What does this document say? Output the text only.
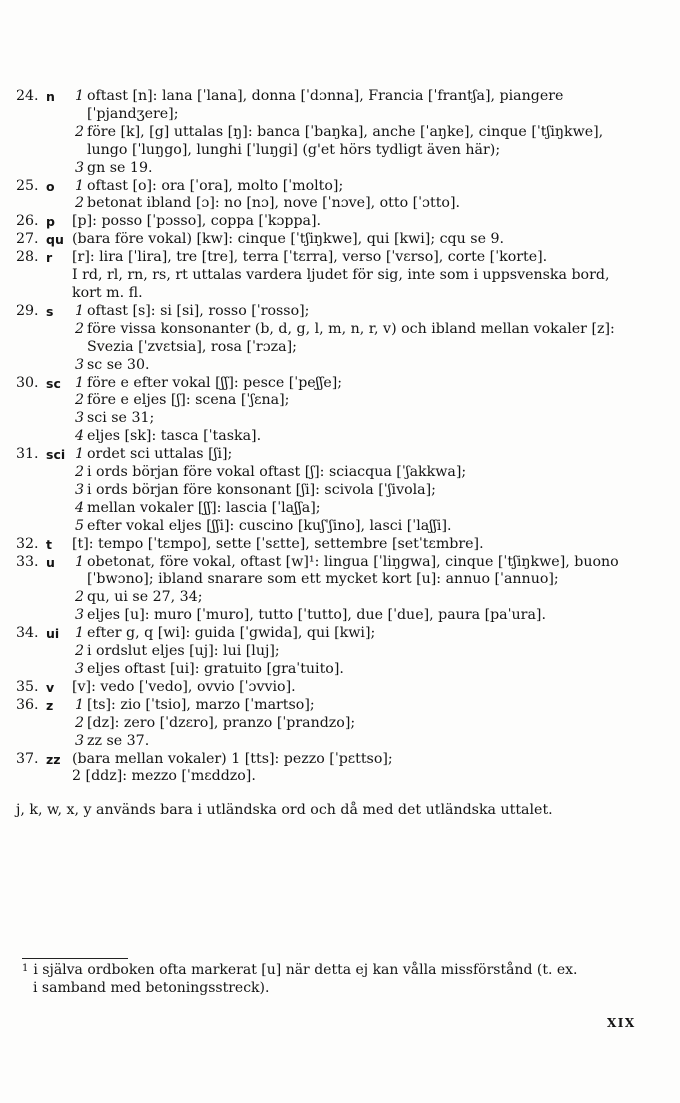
24. n	1 oftast [n]: lana [ˈlana], donna [ˈdɔnna], Francia [ˈfrantʃa], piangere [ˈpjandʒere];
2 före [k], [g] uttalas [ŋ]: banca [ˈbaŋka], anche [ˈaŋke], cinque [ˈtʃiŋkwe], lungo [ˈluŋgo], lunghi [ˈluŋgi] (g'et hörs tydligt även här);
3 gn se 19.
25. o	1 oftast [o]: ora [ˈora], molto [ˈmolto];
2 betonat ibland [ɔ]: no [nɔ], nove [ˈnɔve], otto [ˈɔtto].
26. p	[p]: posso [ˈpɔsso], coppa [ˈkɔppa].
27. qu (bara före vokal) [kw]: cinque [ˈtʃiŋkwe], qui [kwi]; cqu se 9.
28. r	[r]: lira [ˈlira], tre [tre], terra [ˈtɛrra], verso [ˈvɛrso], corte [ˈkorte].
I rd, rl, rn, rs, rt uttalas vardera ljudet för sig, inte som i uppsvenska bord, kort m. fl.
29. s	1 oftast [s]: si [si], rosso [ˈrosso];
2 före vissa konsonanter (b, d, g, l, m, n, r, v) och ibland mellan vokaler [z]: Svezia [ˈzvɛtsia], rosa [ˈrɔza];
3 sc se 30.
30. sc 1 före e efter vokal [ʃʃ]: pesce [ˈpeʃʃe];
2 före e eljes [ʃ]: scena [ˈʃɛna];
3 sci se 31;
4 eljes [sk]: tasca [ˈtaska].
31. sci 1 ordet sci uttalas [ʃi];
2 i ords början före vokal oftast [ʃ]: sciacqua [ˈʃakkwa];
3 i ords början före konsonant [ʃi]: scivola [ˈʃivola];
4 mellan vokaler [ʃʃ]: lascia [ˈlaʃʃa];
5 efter vokal eljes [ʃʃi]: cuscino [kuʃˈʃino], lasci [ˈlaʃʃi].
32. t	[t]: tempo [ˈtɛmpo], sette [ˈsɛtte], settembre [setˈtɛmbre].
33. u	1 obetonat, före vokal, oftast [w]¹: lingua [ˈliŋgwa], cinque [ˈtʃiŋkwe], buono [ˈbwɔno]; ibland snarare som ett mycket kort [u]: annuo [ˈannuo];
2 qu, ui se 27, 34;
3 eljes [u]: muro [ˈmuro], tutto [ˈtutto], due [ˈdue], paura [paˈura].
34. ui	1 efter g, q [wi]: guida [ˈgwida], qui [kwi];
2 i ordslut eljes [uj]: lui [luj];
3 eljes oftast [ui]: gratuito [graˈtuito].
35. v	[v]: vedo [ˈvedo], ovvio [ˈɔvvio].
36. z	1 [ts]: zio [ˈtsio], marzo [ˈmartso];
2 [dz]: zero [ˈdzɛro], pranzo [ˈprandzo];
3 zz se 37.
37. zz (bara mellan vokaler) 1 [tts]: pezzo [ˈpɛttso];
2 [ddz]: mezzo [ˈmɛddzo].
j, k, w, x, y används bara i utländska ord och då med det utländska uttalet.
$^1$ i själva ordboken ofta markerat [u] när detta ej kan vålla missförstånd (t. ex.
i samband med betoningsstreck).
XIX
